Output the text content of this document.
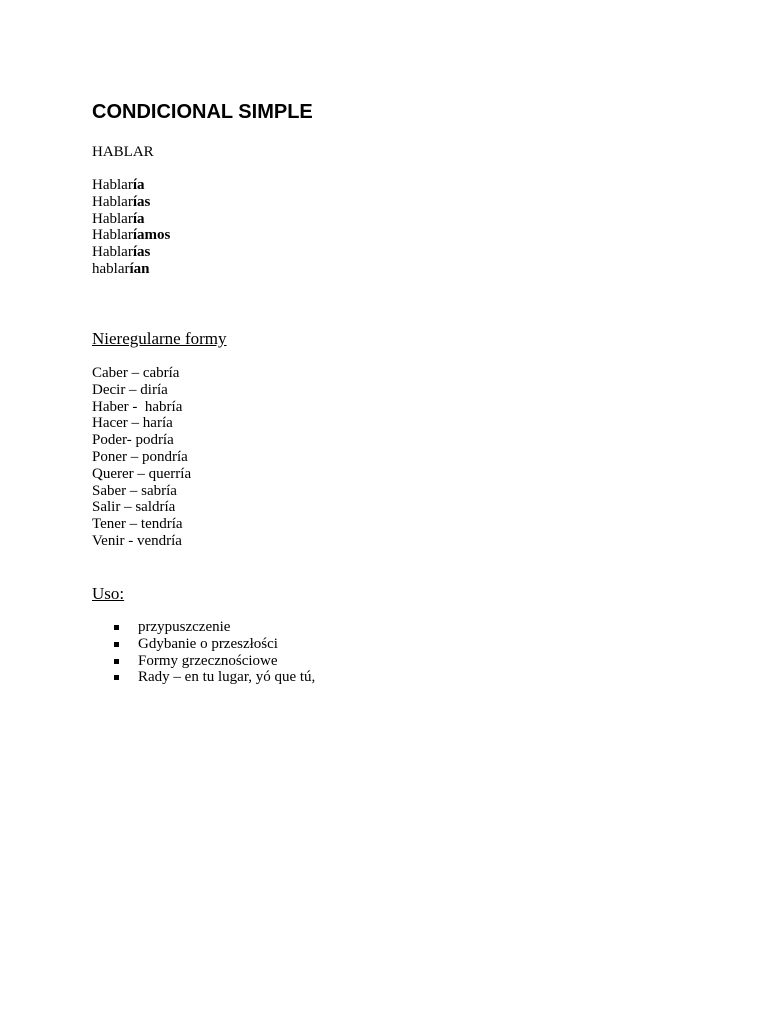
CONDICIONAL SIMPLE

HABLAR

Hablaría
Hablarías
Hablaría
Hablaríamos
Hablarías
hablarían
Nieregularne formy
Caber – cabría
Decir – diría
Haber -  habría
Hacer – haría
Poder- podría
Poner – pondría
Querer – querría
Saber – sabría
Salir – saldría
Tener – tendría
Venir - vendría
Uso:
przypuszczenie
Gdybanie o przeszłości
Formy grzecznościowe
Rady – en tu lugar, yó que tú,
